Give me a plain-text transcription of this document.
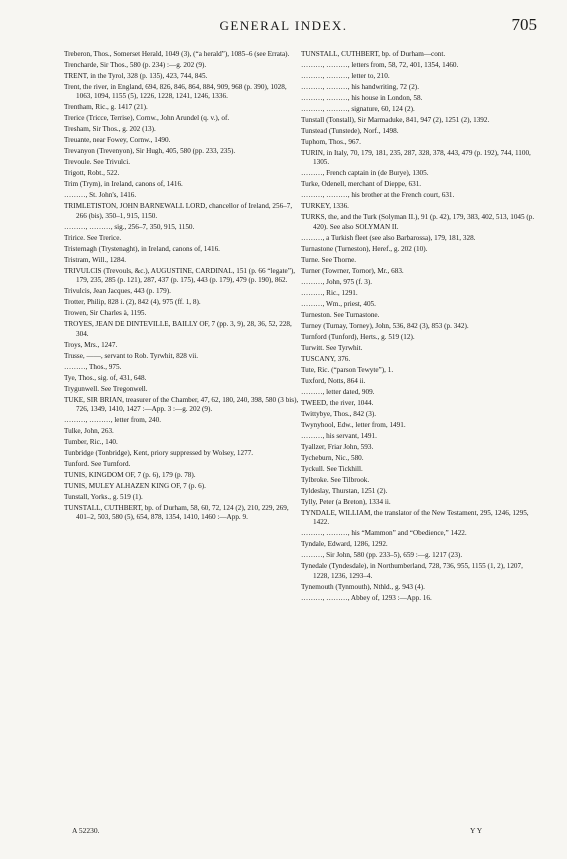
GENERAL INDEX.	705
Treberon, Thos., Somerset Herald, 1049 (3), (“a herald”), 1085–6 (see Errata).
Trencharde, Sir Thos., 580 (p. 234) :—g. 202 (9).
TRENT, in the Tyrol, 328 (p. 135), 423, 744, 845.
Trent, the river, in England, 694, 826, 846, 864, 884, 909, 968 (p. 390), 1028, 1063, 1094, 1155 (5), 1226, 1228, 1241, 1246, 1336.
Trentham, Ric., g. 1417 (21).
Trerice (Tricce, Terrise), Cornw., John Arundel (q. v.), of.
Tresham, Sir Thos., g. 202 (13).
Treuante, near Fowey, Cornw., 1490.
Trevanyon (Trevenyon), Sir Hugh, 405, 580 (pp. 233, 235).
Trevoule. See Trivulci.
Trigott, Robt., 522.
Trim (Trym), in Ireland, canons of, 1416.
………, St. John's, 1416.
TRIMLETISTON, JOHN BARNEWALL LORD, chancellor of Ireland, 256–7, 266 (bis), 350–1, 915, 1150.
………, ………, sig., 256–7, 350, 915, 1150.
Tririce. See Trerice.
Tristernagh (Trystenaght), in Ireland, canons of, 1416.
Tristram, Will., 1284.
TRIVULCIS (Trevouls, &c.), AUGUSTINE, CARDINAL, 151 (p. 66 “legate”), 179, 235, 285 (p. 121), 287, 437 (p. 175), 443 (p. 179), 479 (p. 190), 862.
Trivulcis, Jean Jacques, 443 (p. 179).
Trotter, Philip, 828 i. (2), 842 (4), 975 (ff. 1, 8).
Trowen, Sir Charles à, 1195.
TROYES, JEAN DE DINTEVILLE, BAILLY OF, 7 (pp. 3, 9), 28, 36, 52, 228, 304.
Troys, Mrs., 1247.
Trusse, ——, servant to Rob. Tyrwhit, 828 vii.
………, Thos., 975.
Tye, Thos., sig. of, 431, 648.
Trygunwell. See Tregonwell.
TUKE, SIR BRIAN, treasurer of the Chamber, 47, 62, 180, 240, 398, 580 (3 bis), 726, 1349, 1410, 1427 :—App. 3 :—g. 202 (9).
………, ………, letter from, 240.
Tulke, John, 263.
Tumber, Ric., 140.
Tunbridge (Tonbridge), Kent, priory suppressed by Wolsey, 1277.
Tunford. See Turnford.
TUNIS, KINGDOM OF, 7 (p. 6), 179 (p. 78).
TUNIS, MULEY ALHAZEN KING OF, 7 (p. 6).
Tunstall, Yorks., g. 519 (1).
TUNSTALL, CUTHBERT, bp. of Durham, 58, 60, 72, 124 (2), 210, 229, 269, 401–2, 503, 580 (5), 654, 878, 1354, 1410, 1460 :—App. 9.
TUNSTALL, CUTHBERT, bp. of Durham—cont.
………, ………, letters from, 58, 72, 401, 1354, 1460.
………, ………, letter to, 210.
………, ………, his handwriting, 72 (2).
………, ………, his house in London, 58.
………, ………, signature, 60, 124 (2).
Tunstall (Tonstall), Sir Marmaduke, 841, 947 (2), 1251 (2), 1392.
Tunstead (Tunstede), Norf., 1498.
Tuphom, Thos., 967.
TURIN, in Italy, 70, 179, 181, 235, 287, 328, 378, 443, 479 (p. 192), 744, 1100, 1305.
………, French captain in (de Burye), 1305.
Turke, Odenell, merchant of Dieppe, 631.
………, ………, his brother at the French court, 631.
TURKEY, 1336.
TURKS, the, and the Turk (Solyman II.), 91 (p. 42), 179, 383, 402, 513, 1045 (p. 420). See also SOLYMAN II.
………, a Turkish fleet (see also Barbarossa), 179, 181, 328.
Turnastone (Turneston), Heref., g. 202 (10).
Turne. See Thorne.
Turner (Towrner, Tornor), Mr., 683.
………, John, 975 (f. 3).
………, Ric., 1291.
………, Wm., priest, 405.
Turneston. See Turnastone.
Turney (Turnay, Torney), John, 536, 842 (3), 853 (p. 342).
Turnford (Tunford), Herts., g. 519 (12).
Turwitt. See Tyrwhit.
TUSCANY, 376.
Tute, Ric. (“parson Tewyte”), 1.
Tuxford, Notts, 864 ii.
………, letter dated, 909.
TWEED, the river, 1044.
Twittybye, Thos., 842 (3).
Twynyhool, Edw., letter from, 1491.
………, his servant, 1491.
Tyallzer, Friar John, 593.
Tycheburn, Nic., 580.
Tyckull. See Tickhill.
Tylbroke. See Tilbrook.
Tyldeslay, Thurstan, 1251 (2).
Tylly, Peter (a Breton), 1334 ii.
TYNDALE, WILLIAM, the translator of the New Testament, 295, 1246, 1295, 1422.
………, ………, his “Mammon” and “Obedience,” 1422.
Tyndale, Edward, 1286, 1292.
………, Sir John, 580 (pp. 233–5), 659 :—g. 1217 (23).
Tynedale (Tyndesdale), in Northumberland, 728, 736, 955, 1155 (1, 2), 1207, 1228, 1236, 1293–4.
Tynemouth (Tynmouth), Nthld., g. 943 (4).
………, ………, Abbey of, 1293 :—App. 16.
A 52230.	Y Y
